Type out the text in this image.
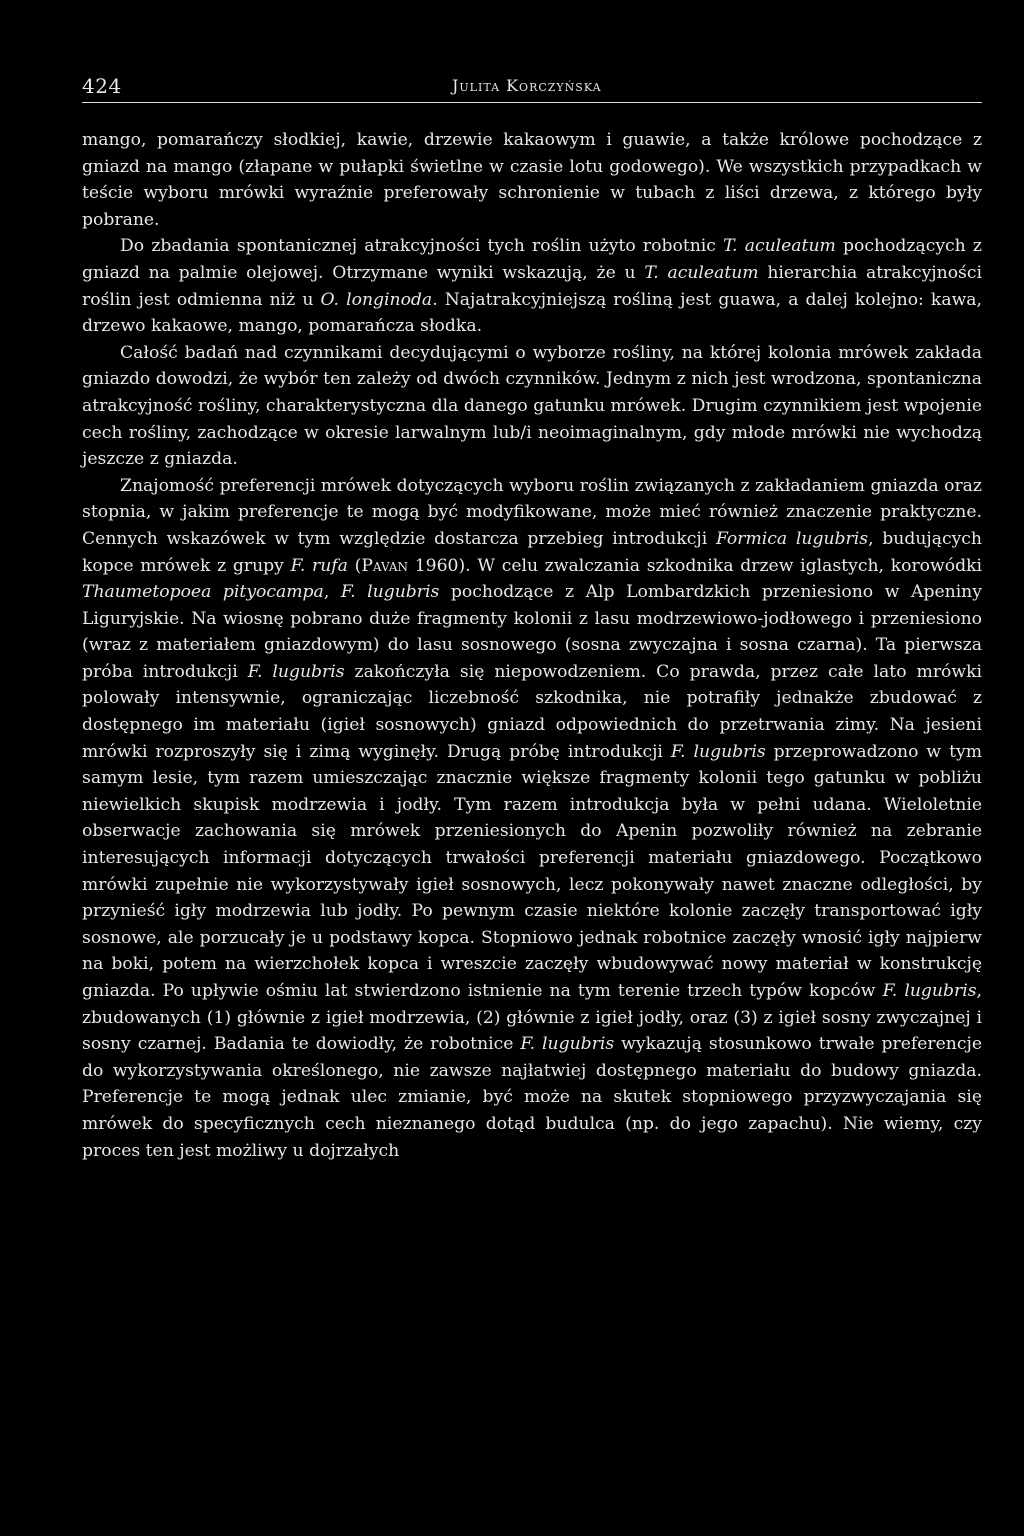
424	Julita Korczyńska

mango, pomarańczy słodkiej, kawie, drzewie kakaowym i guawie, a także królowe pochodzące z gniazd na mango (złapane w pułapki świetlne w czasie lotu godowego). We wszystkich przypadkach w teście wyboru mrówki wyraźnie preferowały schronienie w tubach z liści drzewa, z którego były pobrane.

Do zbadania spontanicznej atrakcyjności tych roślin użyto robotnic T. aculeatum pochodzących z gniazd na palmie olejowej. Otrzymane wyniki wskazują, że u T. aculeatum hierarchia atrakcyjności roślin jest odmienna niż u O. longinoda. Najatrakcyjniejszą rośliną jest guawa, a dalej kolejno: kawa, drzewo kakaowe, mango, pomarańcza słodka.

Całość badań nad czynnikami decydującymi o wyborze rośliny, na której kolonia mrówek zakłada gniazdo dowodzi, że wybór ten zależy od dwóch czynników. Jednym z nich jest wrodzona, spontaniczna atrakcyjność rośliny, charakterystyczna dla danego gatunku mrówek. Drugim czynnikiem jest wpojenie cech rośliny, zachodzące w okresie larwalnym lub/i neoimaginalnym, gdy młode mrówki nie wychodzą jeszcze z gniazda.

Znajomość preferencji mrówek dotyczących wyboru roślin związanych z zakładaniem gniazda oraz stopnia, w jakim preferencje te mogą być modyfikowane, może mieć również znaczenie praktyczne. Cennych wskazówek w tym względzie dostarcza przebieg introdukcji Formica lugubris, budujących kopce mrówek z grupy F. rufa (Pavan 1960). W celu zwalczania szkodnika drzew iglastych, korowódki Thaumetopoea pityocampa, F. lugubris pochodzące z Alp Lombardzkich przeniesiono w Apeniny Liguryjskie. Na wiosnę pobrano duże fragmenty kolonii z lasu modrzewiowo-jodłowego i przeniesiono (wraz z materiałem gniazdowym) do lasu sosnowego (sosna zwyczajna i sosna czarna). Ta pierwsza próba introdukcji F. lugubris zakończyła się niepowodzeniem. Co prawda, przez całe lato mrówki polowały intensywnie, ograniczając liczebność szkodnika, nie potrafiły jednakże zbudować z dostępnego im materiału (igieł sosnowych) gniazd odpowiednich do przetrwania zimy. Na jesieni mrówki rozproszyły się i zimą wyginęły. Drugą próbę introdukcji F. lugubris przeprowadzono w tym samym lesie, tym razem umieszczając znacznie większe fragmenty kolonii tego gatunku w pobliżu niewielkich skupisk modrzewia i jodły. Tym razem introdukcja była w pełni udana. Wieloletnie obserwacje zachowania się mrówek przeniesionych do Apenin pozwoliły również na zebranie interesujących informacji dotyczących trwałości preferencji materiału gniazdowego. Początkowo mrówki zupełnie nie wykorzystywały igieł sosnowych, lecz pokonywały nawet znaczne odległości, by przynieść igły modrzewia lub jodły. Po pewnym czasie niektóre kolonie zaczęły transportować igły sosnowe, ale porzucały je u podstawy kopca. Stopniowo jednak robotnice zaczęły wnosić igły najpierw na boki, potem na wierzchołek kopca i wreszcie zaczęły wbudowywać nowy materiał w konstrukcję gniazda. Po upływie ośmiu lat stwierdzono istnienie na tym terenie trzech typów kopców F. lugubris, zbudowanych (1) głównie z igieł modrzewia, (2) głównie z igieł jodły, oraz (3) z igieł sosny zwyczajnej i sosny czarnej. Badania te dowiodły, że robotnice F. lugubris wykazują stosunkowo trwałe preferencje do wykorzystywania określonego, nie zawsze najłatwiej dostępnego materiału do budowy gniazda. Preferencje te mogą jednak ulec zmianie, być może na skutek stopniowego przyzwyczajania się mrówek do specyficznych cech nieznanego dotąd budulca (np. do jego zapachu). Nie wiemy, czy proces ten jest możliwy u dojrzałych
